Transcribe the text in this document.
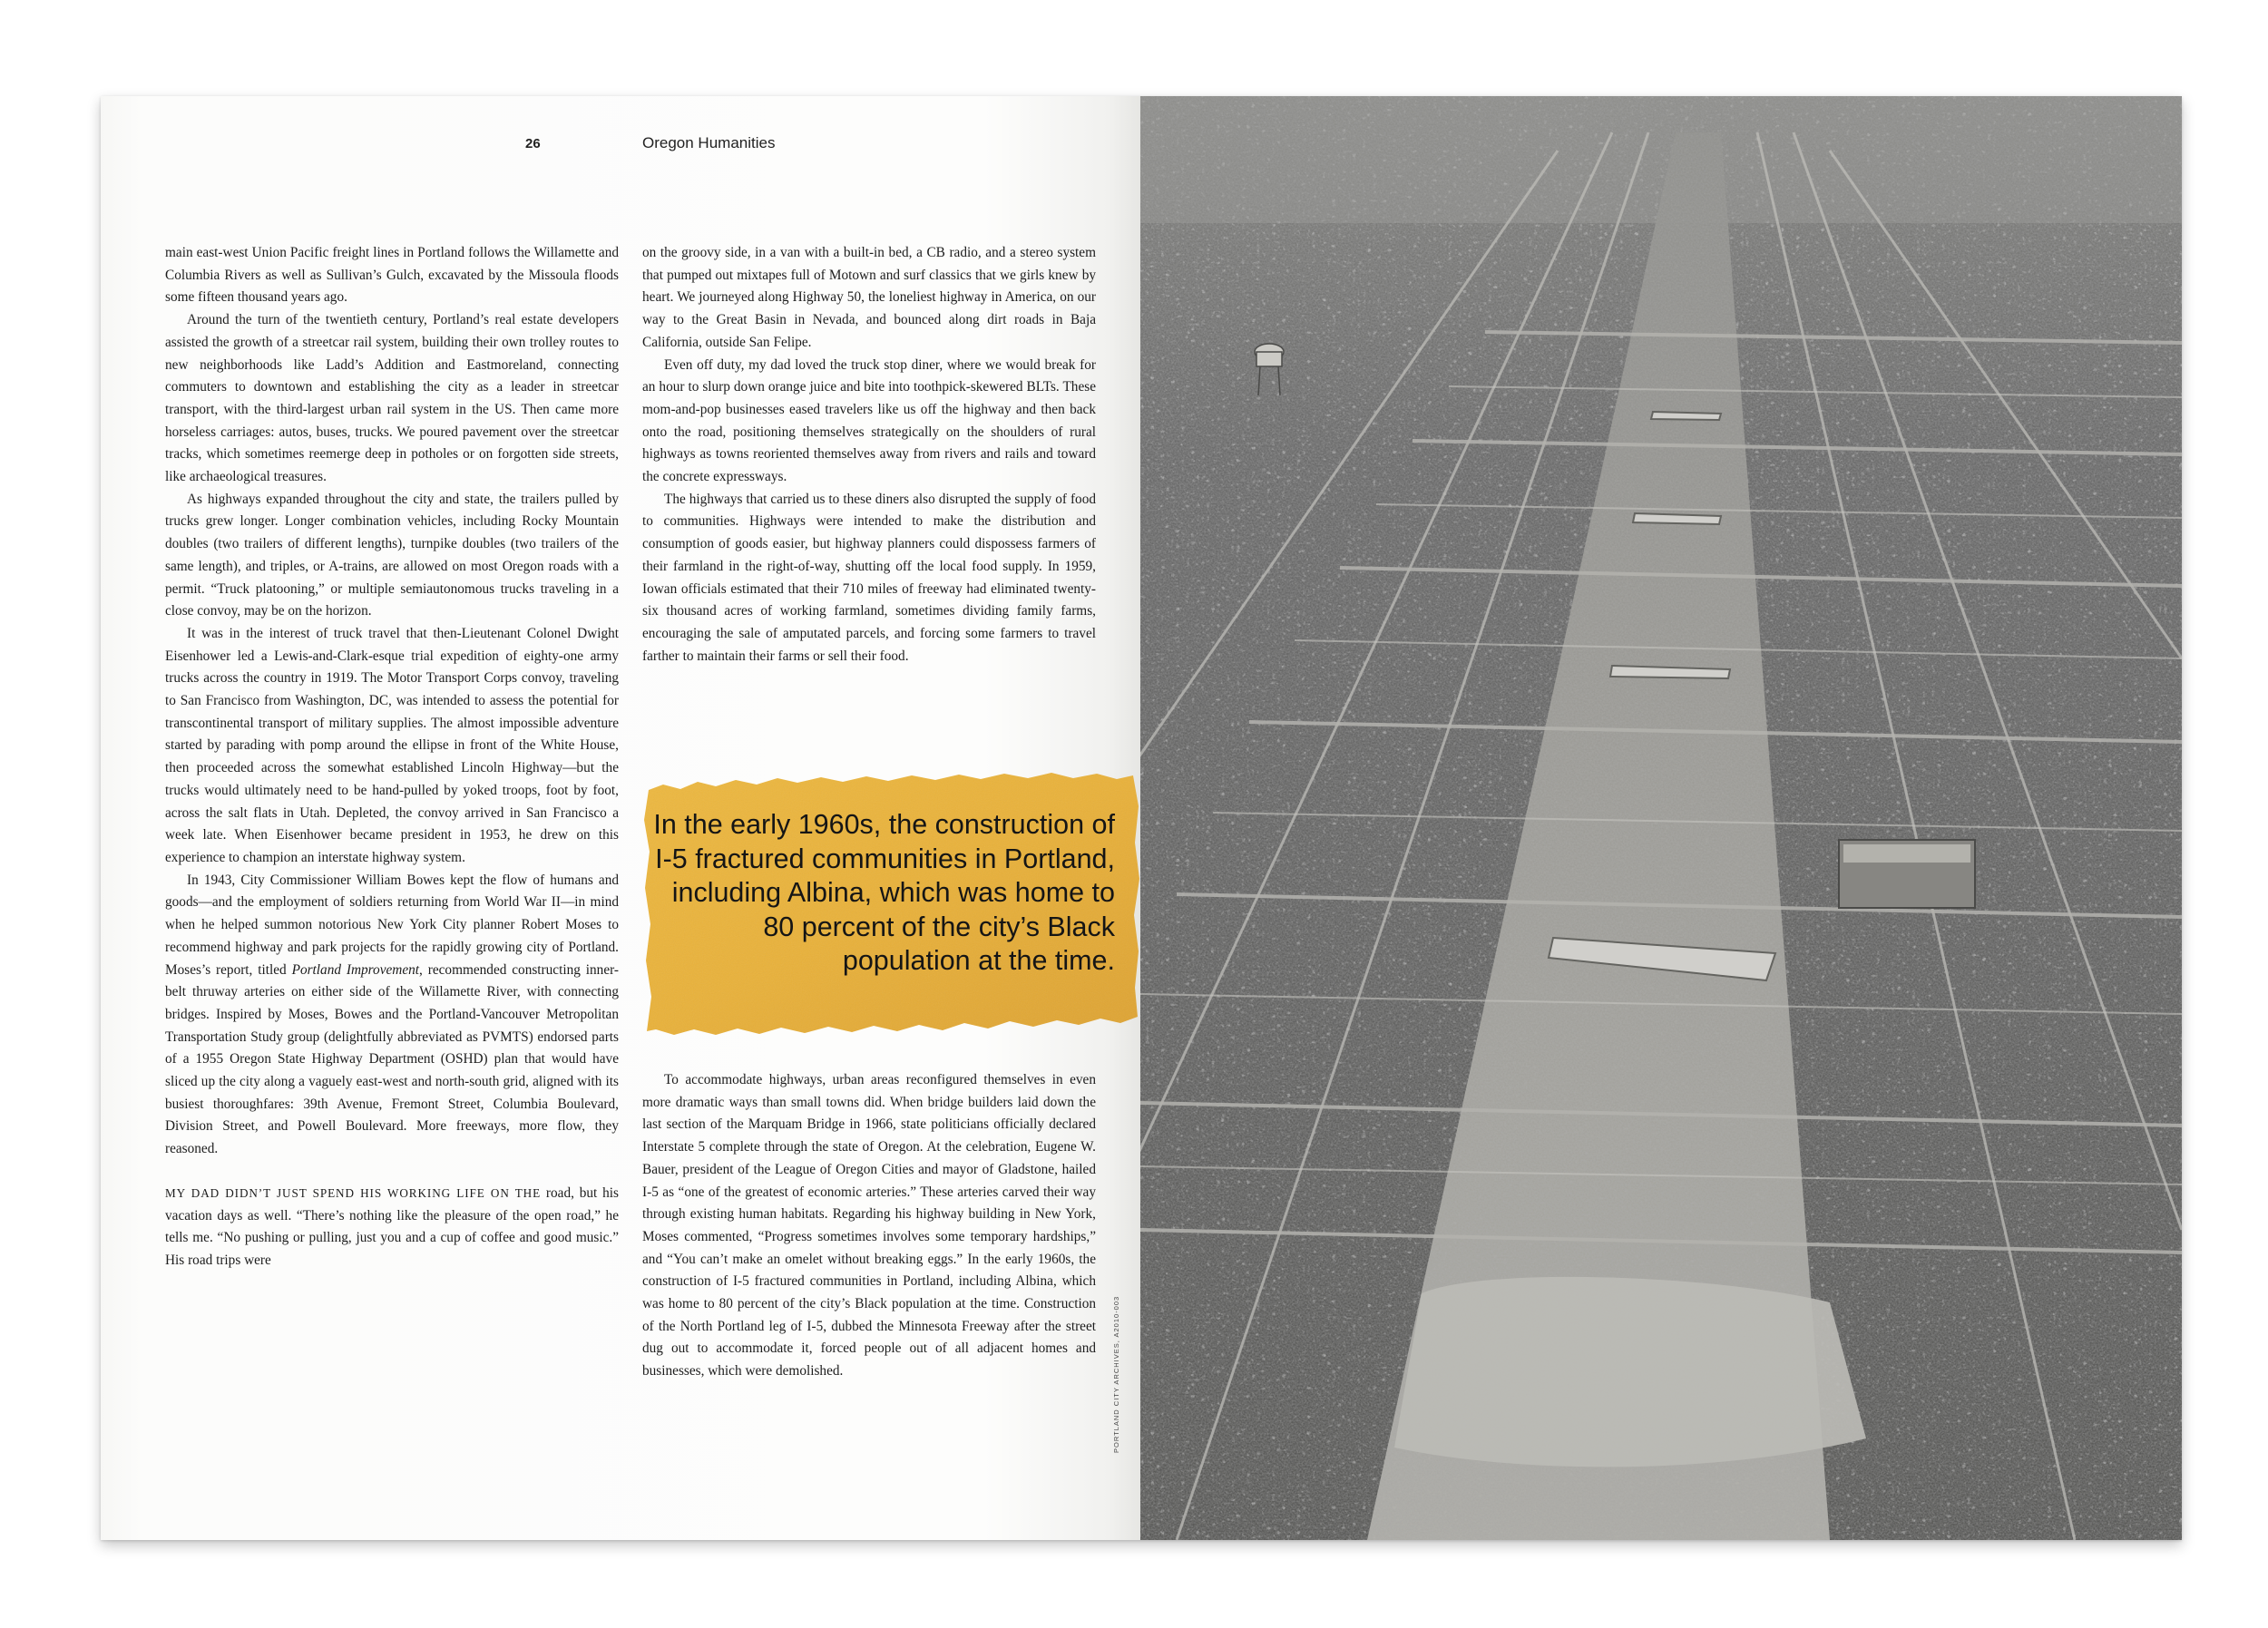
26	Oregon Humanities

main east-west Union Pacific freight lines in Portland follows the Willamette and Columbia Rivers as well as Sullivan’s Gulch, excavated by the Missoula floods some fifteen thousand years ago.

Around the turn of the twentieth century, Portland’s real estate developers assisted the growth of a streetcar rail system, building their own trolley routes to new neighborhoods like Ladd’s Addition and Eastmoreland, connecting commuters to downtown and establishing the city as a leader in streetcar transport, with the third-largest urban rail system in the US. Then came more horseless carriages: autos, buses, trucks. We poured pavement over the streetcar tracks, which sometimes reemerge deep in potholes or on forgotten side streets, like archaeological treasures.

As highways expanded throughout the city and state, the trailers pulled by trucks grew longer. Longer combination vehicles, including Rocky Mountain doubles (two trailers of different lengths), turnpike doubles (two trailers of the same length), and triples, or A-trains, are allowed on most Oregon roads with a permit. “Truck platooning,” or multiple semiautonomous trucks traveling in a close convoy, may be on the horizon.

It was in the interest of truck travel that then-Lieutenant Colonel Dwight Eisenhower led a Lewis-and-Clark-esque trial expedition of eighty-one army trucks across the country in 1919. The Motor Transport Corps convoy, traveling to San Francisco from Washington, DC, was intended to assess the potential for transcontinental transport of military supplies. The almost impossible adventure started by parading with pomp around the ellipse in front of the White House, then proceeded across the somewhat established Lincoln Highway—but the trucks would ultimately need to be hand-pulled by yoked troops, foot by foot, across the salt flats in Utah. Depleted, the convoy arrived in San Francisco a week late. When Eisenhower became president in 1953, he drew on this experience to champion an interstate highway system.

In 1943, City Commissioner William Bowes kept the flow of humans and goods—and the employment of soldiers returning from World War II—in mind when he helped summon notorious New York City planner Robert Moses to recommend highway and park projects for the rapidly growing city of Portland. Moses’s report, titled Portland Improvement, recommended constructing inner-belt thruway arteries on either side of the Willamette River, with connecting bridges. Inspired by Moses, Bowes and the Portland-Vancouver Metropolitan Transportation Study group (delightfully abbreviated as PVMTS) endorsed parts of a 1955 Oregon State Highway Department (OSHD) plan that would have sliced up the city along a vaguely east-west and north-south grid, aligned with its busiest thoroughfares: 39th Avenue, Fremont Street, Columbia Boulevard, Division Street, and Powell Boulevard. More freeways, more flow, they reasoned.

MY DAD DIDN’T JUST SPEND HIS WORKING LIFE ON THE road, but his vacation days as well. “There’s nothing like the pleasure of the open road,” he tells me. “No pushing or pulling, just you and a cup of coffee and good music.” His road trips were

on the groovy side, in a van with a built-in bed, a CB radio, and a stereo system that pumped out mixtapes full of Motown and surf classics that we girls knew by heart. We journeyed along Highway 50, the loneliest highway in America, on our way to the Great Basin in Nevada, and bounced along dirt roads in Baja California, outside San Felipe.

Even off duty, my dad loved the truck stop diner, where we would break for an hour to slurp down orange juice and bite into toothpick-skewered BLTs. These mom-and-pop businesses eased travelers like us off the highway and then back onto the road, positioning themselves strategically on the shoulders of rural highways as towns reoriented themselves away from rivers and rails and toward the concrete expressways.

The highways that carried us to these diners also disrupted the supply of food to communities. Highways were intended to make the distribution and consumption of goods easier, but highway planners could dispossess farmers of their farmland in the right-of-way, shutting off the local food supply. In 1959, Iowan officials estimated that their 710 miles of freeway had eliminated twenty-six thousand acres of working farmland, sometimes dividing family farms, encouraging the sale of amputated parcels, and forcing some farmers to travel farther to maintain their farms or sell their food.

To accommodate highways, urban areas reconfigured themselves in even more dramatic ways than small towns did. When bridge builders laid down the last section of the Marquam Bridge in 1966, state politicians officially declared Interstate 5 complete through the state of Oregon. At the celebration, Eugene W. Bauer, president of the League of Oregon Cities and mayor of Gladstone, hailed I-5 as “one of the greatest of economic arteries.” These arteries carved their way through existing human habitats. Regarding his highway building in New York, Moses commented, “Progress sometimes involves some temporary hardships,” and “You can’t make an omelet without breaking eggs.” In the early 1960s, the construction of I-5 fractured communities in Portland, including Albina, which was home to 80 percent of the city’s Black population at the time. Construction of the North Portland leg of I-5, dubbed the Minnesota Freeway after the street dug out to accommodate it, forced people out of all adjacent homes and businesses, which were demolished.

In the early 1960s, the construction of I-5 fractured communities in Portland, including Albina, which was home to 80 percent of the city’s Black population at the time.
PORTLAND CITY ARCHIVES, A2010-003
